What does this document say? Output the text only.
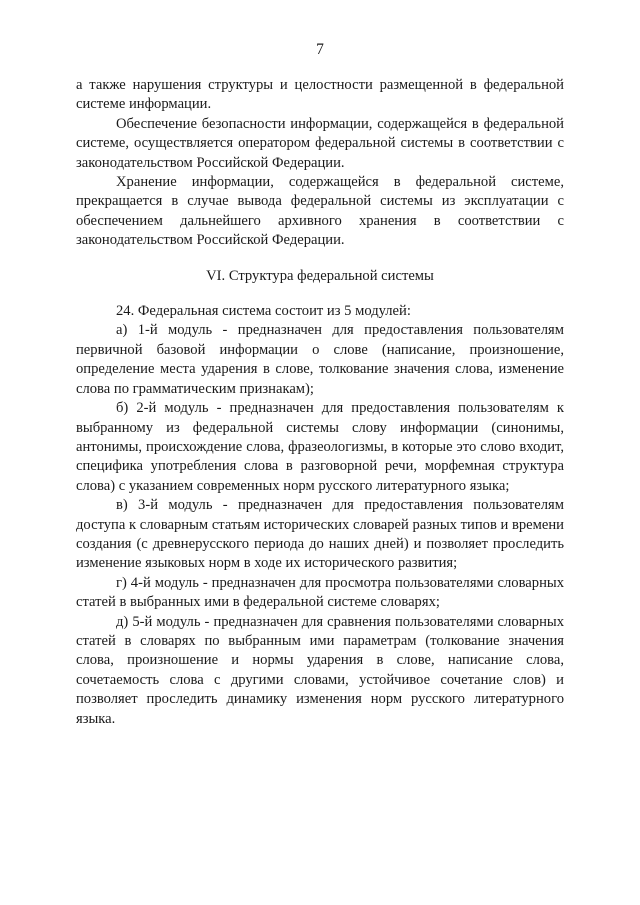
7

а также нарушения структуры и целостности размещенной в федеральной системе информации.

Обеспечение безопасности информации, содержащейся в федеральной системе, осуществляется оператором федеральной системы в соответствии с законодательством Российской Федерации.

Хранение информации, содержащейся в федеральной системе, прекращается в случае вывода федеральной системы из эксплуатации с обеспечением дальнейшего архивного хранения в соответствии с законодательством Российской Федерации.

VI. Структура федеральной системы

24. Федеральная система состоит из 5 модулей:

а) 1-й модуль - предназначен для предоставления пользователям первичной базовой информации о слове (написание, произношение, определение места ударения в слове, толкование значения слова, изменение слова по грамматическим признакам);

б) 2-й модуль - предназначен для предоставления пользователям к выбранному из федеральной системы слову информации (синонимы, антонимы, происхождение слова, фразеологизмы, в которые это слово входит, специфика употребления слова в разговорной речи, морфемная структура слова) с указанием современных норм русского литературного языка;

в) 3-й модуль - предназначен для предоставления пользователям доступа к словарным статьям исторических словарей разных типов и времени создания (с древнерусского периода до наших дней) и позволяет проследить изменение языковых норм в ходе их исторического развития;

г) 4-й модуль - предназначен для просмотра пользователями словарных статей в выбранных ими в федеральной системе словарях;

д) 5-й модуль - предназначен для сравнения пользователями словарных статей в словарях по выбранным ими параметрам (толкование значения слова, произношение и нормы ударения в слове, написание слова, сочетаемость слова с другими словами, устойчивое сочетание слов) и позволяет проследить динамику изменения норм русского литературного языка.
